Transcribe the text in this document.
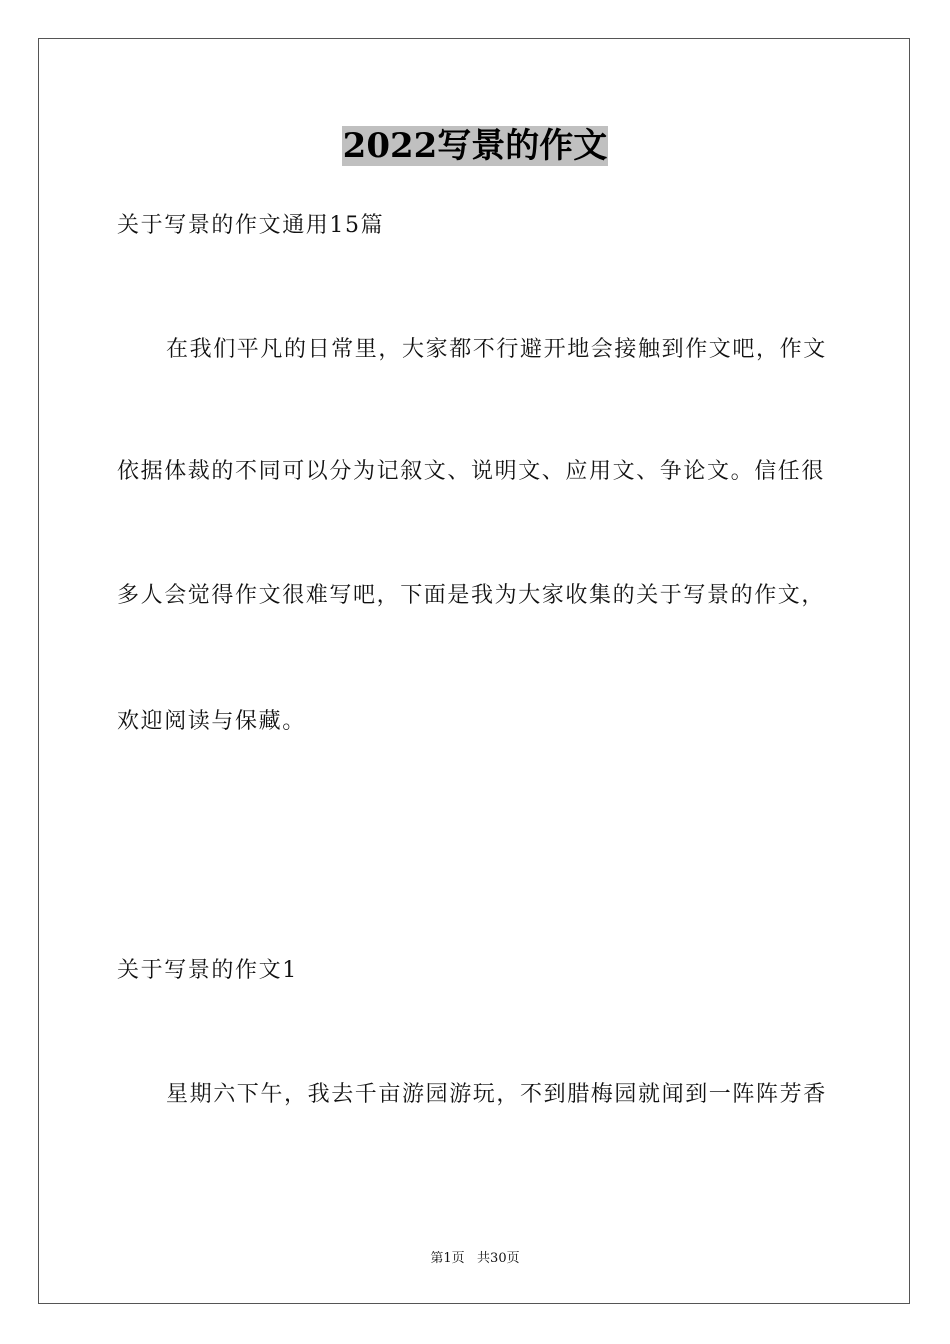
2022写景的作文
关于写景的作文通用15篇
在我们平凡的日常里，大家都不行避开地会接触到作文吧，作文
依据体裁的不同可以分为记叙文、说明文、应用文、争论文。信任很
多人会觉得作文很难写吧，下面是我为大家收集的关于写景的作文，
欢迎阅读与保藏。
关于写景的作文1
星期六下午，我去千亩游园游玩，不到腊梅园就闻到一阵阵芳香
第1页   共30页
